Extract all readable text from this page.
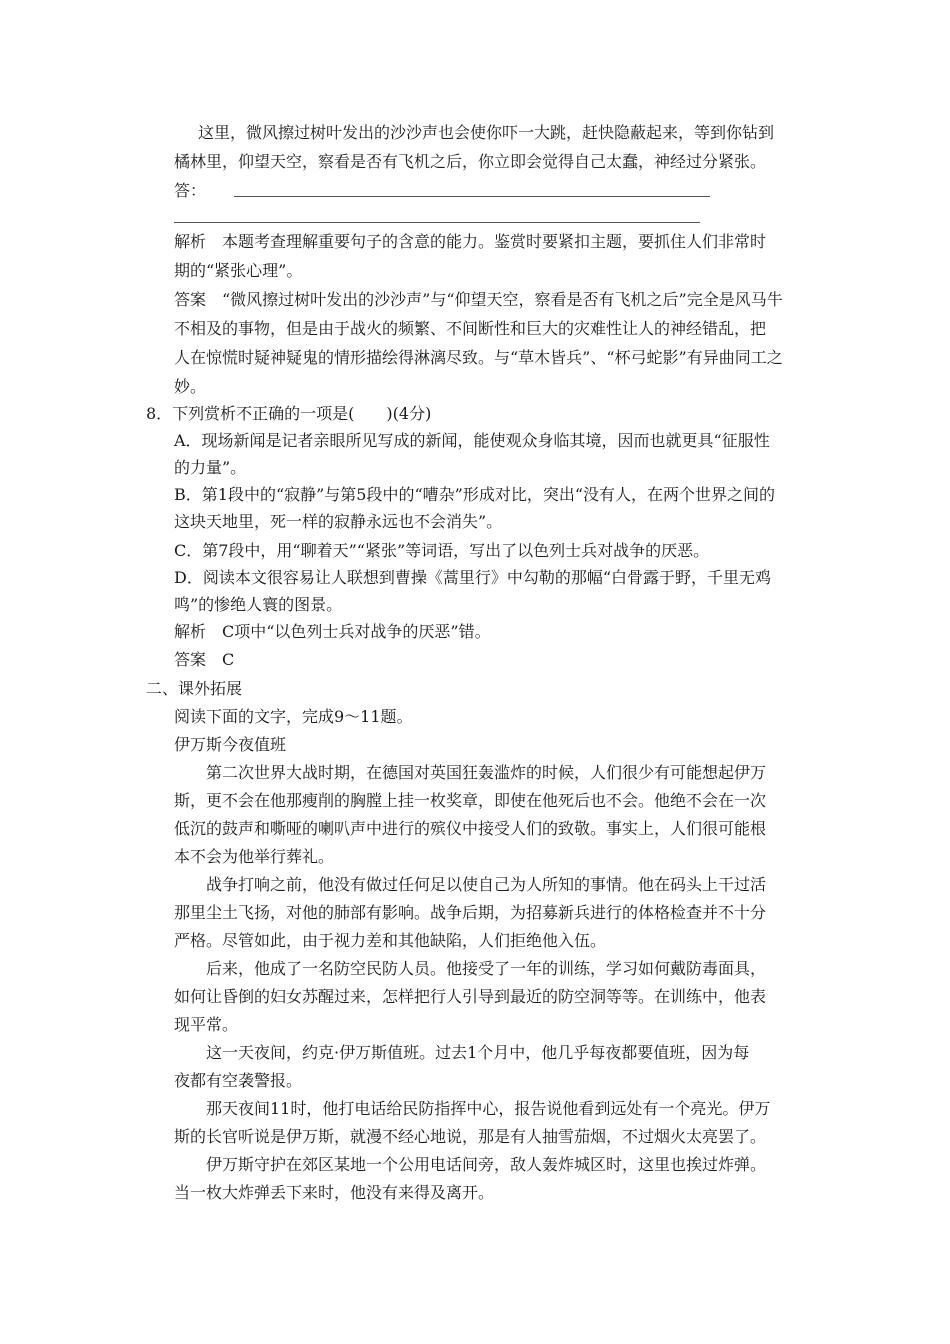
这里，微风擦过树叶发出的沙沙声也会使你吓一大跳，赶快隐蔽起来，等到你钻到
橘林里，仰望天空，察看是否有飞机之后，你立即会觉得自己太蠢，神经过分紧张。
答：
解析　本题考查理解重要句子的含意的能力。鉴赏时要紧扣主题，要抓住人们非常时
期的“紧张心理”。
答案　“微风擦过树叶发出的沙沙声”与“仰望天空，察看是否有飞机之后”完全是风马牛
不相及的事物，但是由于战火的频繁、不间断性和巨大的灾难性让人的神经错乱，把
人在惊慌时疑神疑鬼的情形描绘得淋漓尽致。与“草木皆兵”、“杯弓蛇影”有异曲同工之
妙。
8．下列赏析不正确的一项是(　　)(4分)
A．现场新闻是记者亲眼所见写成的新闻，能使观众身临其境，因而也就更具“征服性
的力量”。
B．第1段中的“寂静”与第5段中的“嘈杂”形成对比，突出“没有人，在两个世界之间的
这块天地里，死一样的寂静永远也不会消失”。
C．第7段中，用“聊着天”“紧张”等词语，写出了以色列士兵对战争的厌恶。
D．阅读本文很容易让人联想到曹操《蒿里行》中勾勒的那幅“白骨露于野，千里无鸡
鸣”的惨绝人寰的图景。
解析　C项中“以色列士兵对战争的厌恶”错。
答案　C
二、课外拓展
阅读下面的文字，完成9～11题。
伊万斯今夜值班
第二次世界大战时期，在德国对英国狂轰滥炸的时候，人们很少有可能想起伊万
斯，更不会在他那瘦削的胸膛上挂一枚奖章，即使在他死后也不会。他绝不会在一次
低沉的鼓声和嘶哑的喇叭声中进行的殡仪中接受人们的致敬。事实上，人们很可能根
本不会为他举行葬礼。
战争打响之前，他没有做过任何足以使自己为人所知的事情。他在码头上干过活
那里尘土飞扬，对他的肺部有影响。战争后期，为招募新兵进行的体格检查并不十分
严格。尽管如此，由于视力差和其他缺陷，人们拒绝他入伍。
后来，他成了一名防空民防人员。他接受了一年的训练，学习如何戴防毒面具，
如何让昏倒的妇女苏醒过来，怎样把行人引导到最近的防空洞等等。在训练中，他表
现平常。
这一天夜间，约克·伊万斯值班。过去1个月中，他几乎每夜都要值班，因为每
夜都有空袭警报。
那天夜间11时，他打电话给民防指挥中心，报告说他看到远处有一个亮光。伊万
斯的长官听说是伊万斯，就漫不经心地说，那是有人抽雪茄烟，不过烟火太亮罢了。
伊万斯守护在郊区某地一个公用电话间旁，敌人轰炸城区时，这里也挨过炸弹。
当一枚大炸弹丢下来时，他没有来得及离开。
